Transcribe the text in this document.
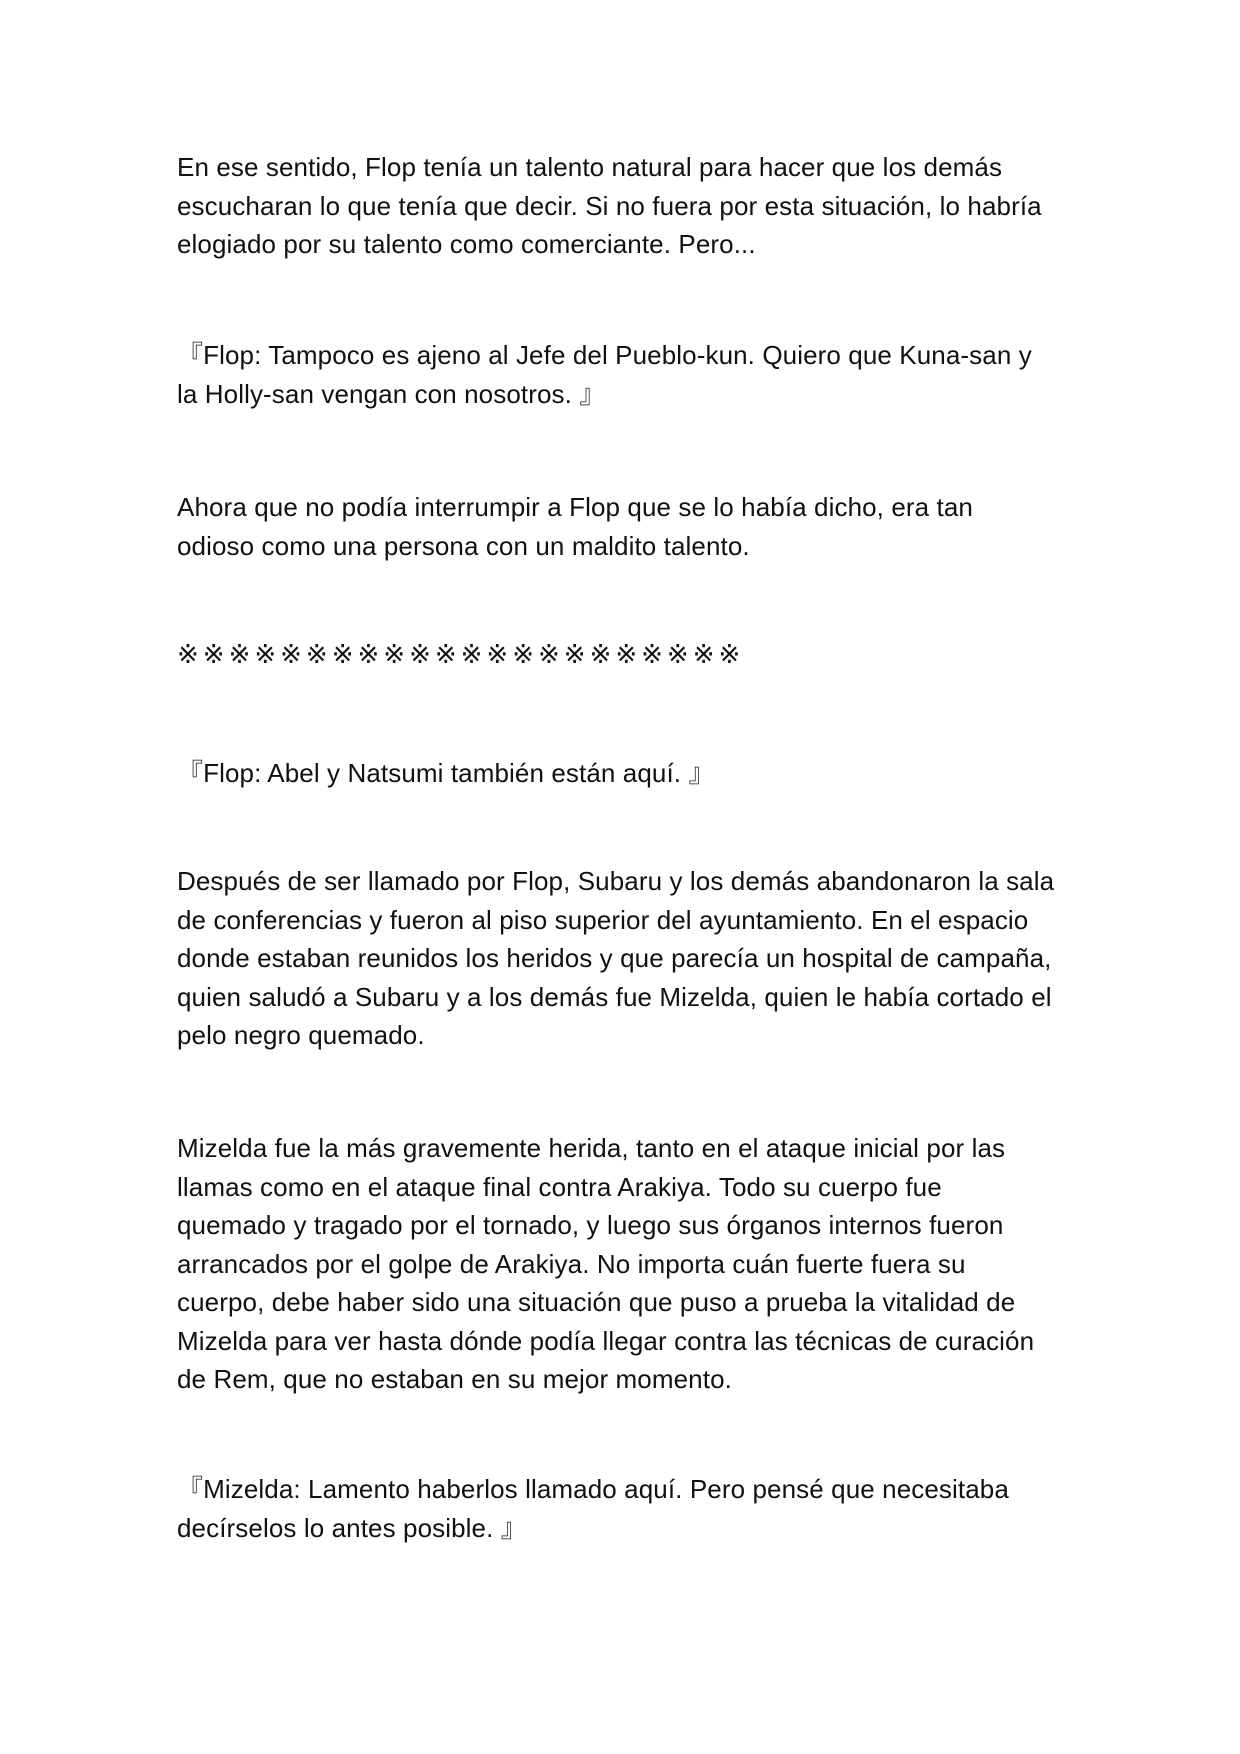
En ese sentido, Flop tenía un talento natural para hacer que los demás
escucharan lo que tenía que decir. Si no fuera por esta situación, lo habría
elogiado por su talento como comerciante. Pero...

『Flop: Tampoco es ajeno al Jefe del Pueblo-kun. Quiero que Kuna-san y
la Holly-san vengan con nosotros. 』

Ahora que no podía interrumpir a Flop que se lo había dicho, era tan
odioso como una persona con un maldito talento.

※※※※※※※※※※※※※※※※※※※※※※

『Flop: Abel y Natsumi también están aquí. 』

Después de ser llamado por Flop, Subaru y los demás abandonaron la sala
de conferencias y fueron al piso superior del ayuntamiento. En el espacio
donde estaban reunidos los heridos y que parecía un hospital de campaña,
quien saludó a Subaru y a los demás fue Mizelda, quien le había cortado el
pelo negro quemado.

Mizelda fue la más gravemente herida, tanto en el ataque inicial por las
llamas como en el ataque final contra Arakiya. Todo su cuerpo fue
quemado y tragado por el tornado, y luego sus órganos internos fueron
arrancados por el golpe de Arakiya. No importa cuán fuerte fuera su
cuerpo, debe haber sido una situación que puso a prueba la vitalidad de
Mizelda para ver hasta dónde podía llegar contra las técnicas de curación
de Rem, que no estaban en su mejor momento.

『Mizelda: Lamento haberlos llamado aquí. Pero pensé que necesitaba
decírselos lo antes posible. 』
